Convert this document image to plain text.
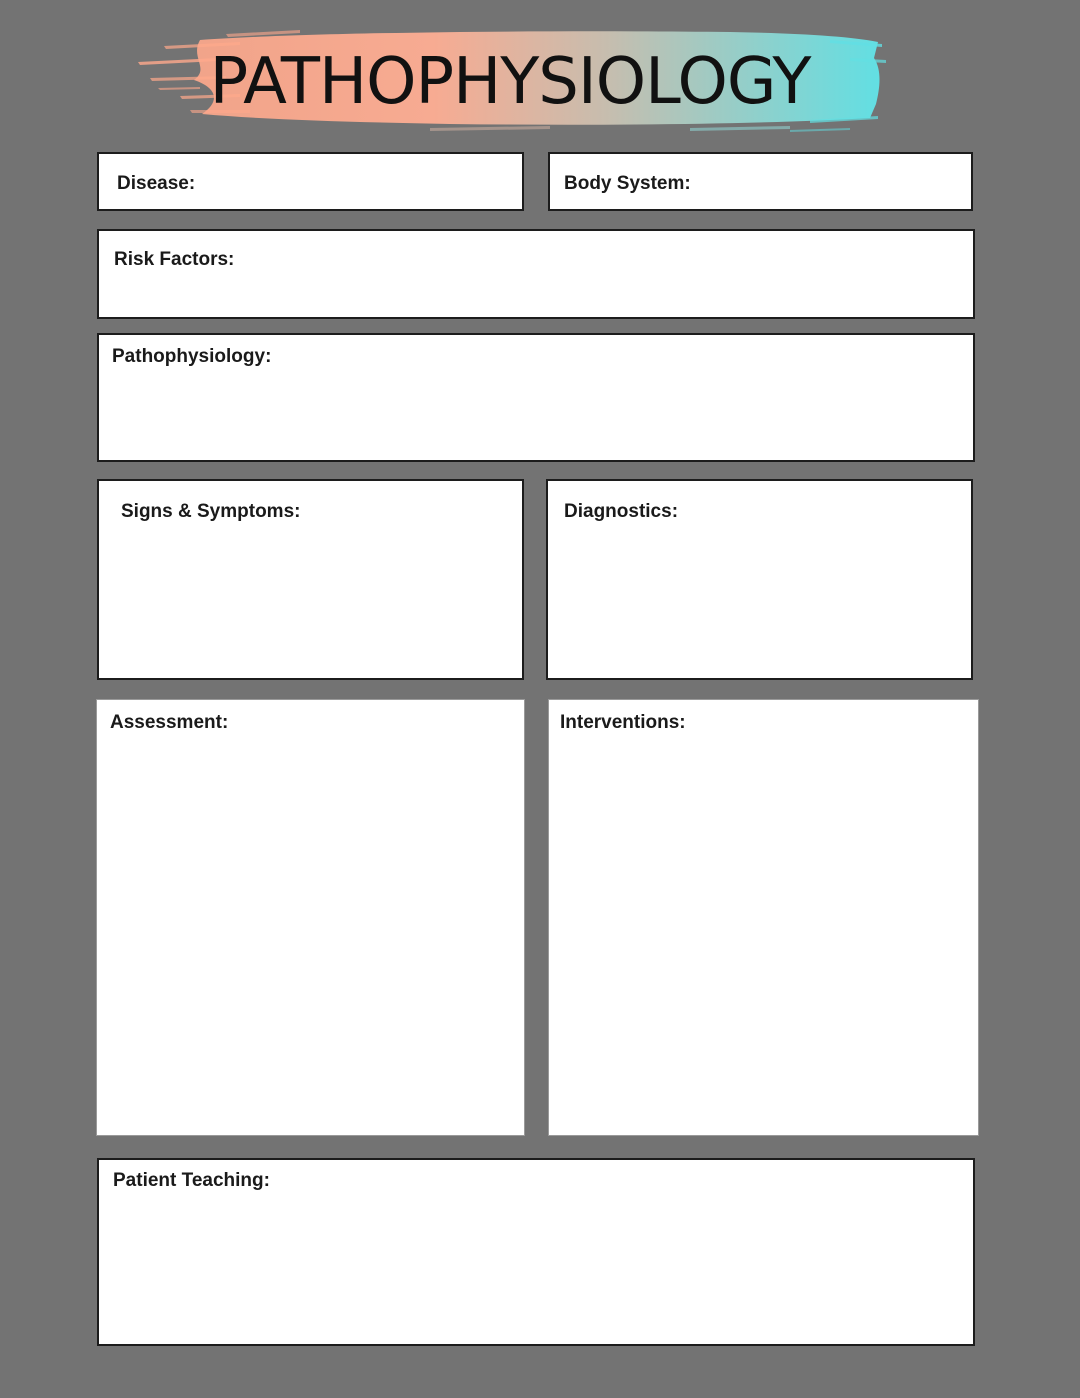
PATHOPHYSIOLOGY
Disease:	Body System:
Risk Factors:
Pathophysiology:
Signs & Symptoms:	Diagnostics:
Assessment:	Interventions:
Patient Teaching:
